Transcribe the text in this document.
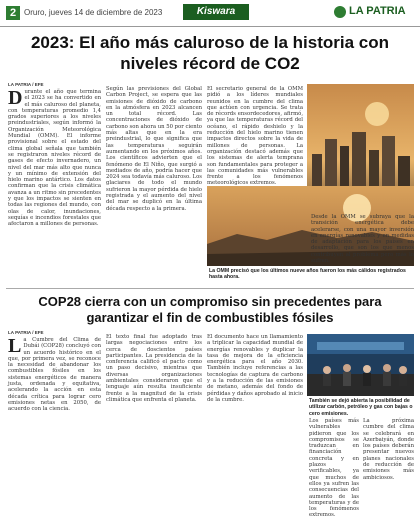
2 Oruro, jueves 14 de diciembre de 2023	Kiswara	LA PATRIA
2023: El año más caluroso de la historia con niveles récord de CO2
LA PATRIA / EFE
Durante el año que termina el 2023 se ha convertido en el más caluroso del planeta, con temperaturas promedio 1,4 grados superiores a los niveles preindustriales, según informó la Organización Meteorológica Mundial (OMM). El informe provisional sobre el estado del clima global señala que también se registraron niveles récord de gases de efecto invernadero, un nivel del mar más alto que nunca y un mínimo de extensión del hielo marino antártico. Los datos confirman que la crisis climática avanza a un ritmo sin precedentes y que los impactos se sienten en todas las regiones del mundo, con olas de calor, inundaciones, sequías e incendios forestales que afectaron a millones de personas.
Según las previsiones del Global Carbon Project, se espera que las emisiones de dióxido de carbono en la atmósfera en 2023 alcancen un total récord. Las concentraciones de dióxido de carbono son ahora un 50 por ciento más altas que en la era preindustrial, lo que significa que las temperaturas seguirán aumentando en los próximos años. Los científicos advierten que el fenómeno de El Niño, que surgió a mediados de año, podría hacer que 2024 sea todavía más caluroso. Los glaciares de todo el mundo sufrieron la mayor pérdida de hielo registrada y el aumento del nivel del mar se duplicó en la última década respecto a la primera.
El secretario general de la OMM pidió a los líderes mundiales reunidos en la cumbre del clima que actúen con urgencia. Se trata de récords ensordecedores, afirmó, ya que las temperaturas récord del océano, el rápido deshielo y la reducción del hielo marino tienen impactos directos sobre la vida de millones de personas. La organización destacó además que los sistemas de alerta temprana son fundamentales para proteger a las comunidades más vulnerables frente a los fenómenos meteorológicos extremos.
La OMM precisó que los últimos nueve años fueron los más cálidos registrados hasta ahora.
Desde la OMM se subraya que la transición energética debe acelerarse, con una mayor inversión en energías renovables y en medidas de adaptación para los países en desarrollo, que son los que menos contribuyen al problema pero más lo sufren.
COP28 cierra con un compromiso sin precedentes para garantizar el fin de combustibles fósiles
LA PATRIA / EFE
La Cumbre del Clima de Dubái (COP28) concluyó con un acuerdo histórico en el que, por primera vez, se reconoce la necesidad de abandonar los combustibles fósiles en los sistemas energéticos de manera justa, ordenada y equitativa, acelerando la acción en esta década crítica para lograr cero emisiones netas en 2050, de acuerdo con la ciencia.
El texto final fue adoptado tras largas negociaciones entre los cerca de doscientos países participantes. La presidencia de la conferencia calificó el pacto como un paso decisivo, mientras que diversas organizaciones ambientales consideraron que el lenguaje aún resulta insuficiente frente a la magnitud de la crisis climática que enfrenta el planeta.
El documento hace un llamamiento a triplicar la capacidad mundial de energías renovables y duplicar la tasa de mejora de la eficiencia energética para el año 2030. También incluye referencias a las tecnologías de captura de carbono y a la reducción de las emisiones de metano, además del fondo de pérdidas y daños aprobado al inicio de la cumbre.	También se dejó abierta la posibilidad de utilizar carbón, petróleo y gas con bajas o cero emisiones.
Los países más vulnerables pidieron que los compromisos se traduzcan en financiación concreta y en plazos verificables, ya que muchos de ellos ya sufren las consecuencias del aumento de las temperaturas y de los fenómenos extremos.
La próxima cumbre del clima se celebrará en Azerbaiyán, donde los países deberán presentar nuevos planes nacionales de reducción de emisiones más ambiciosos.
